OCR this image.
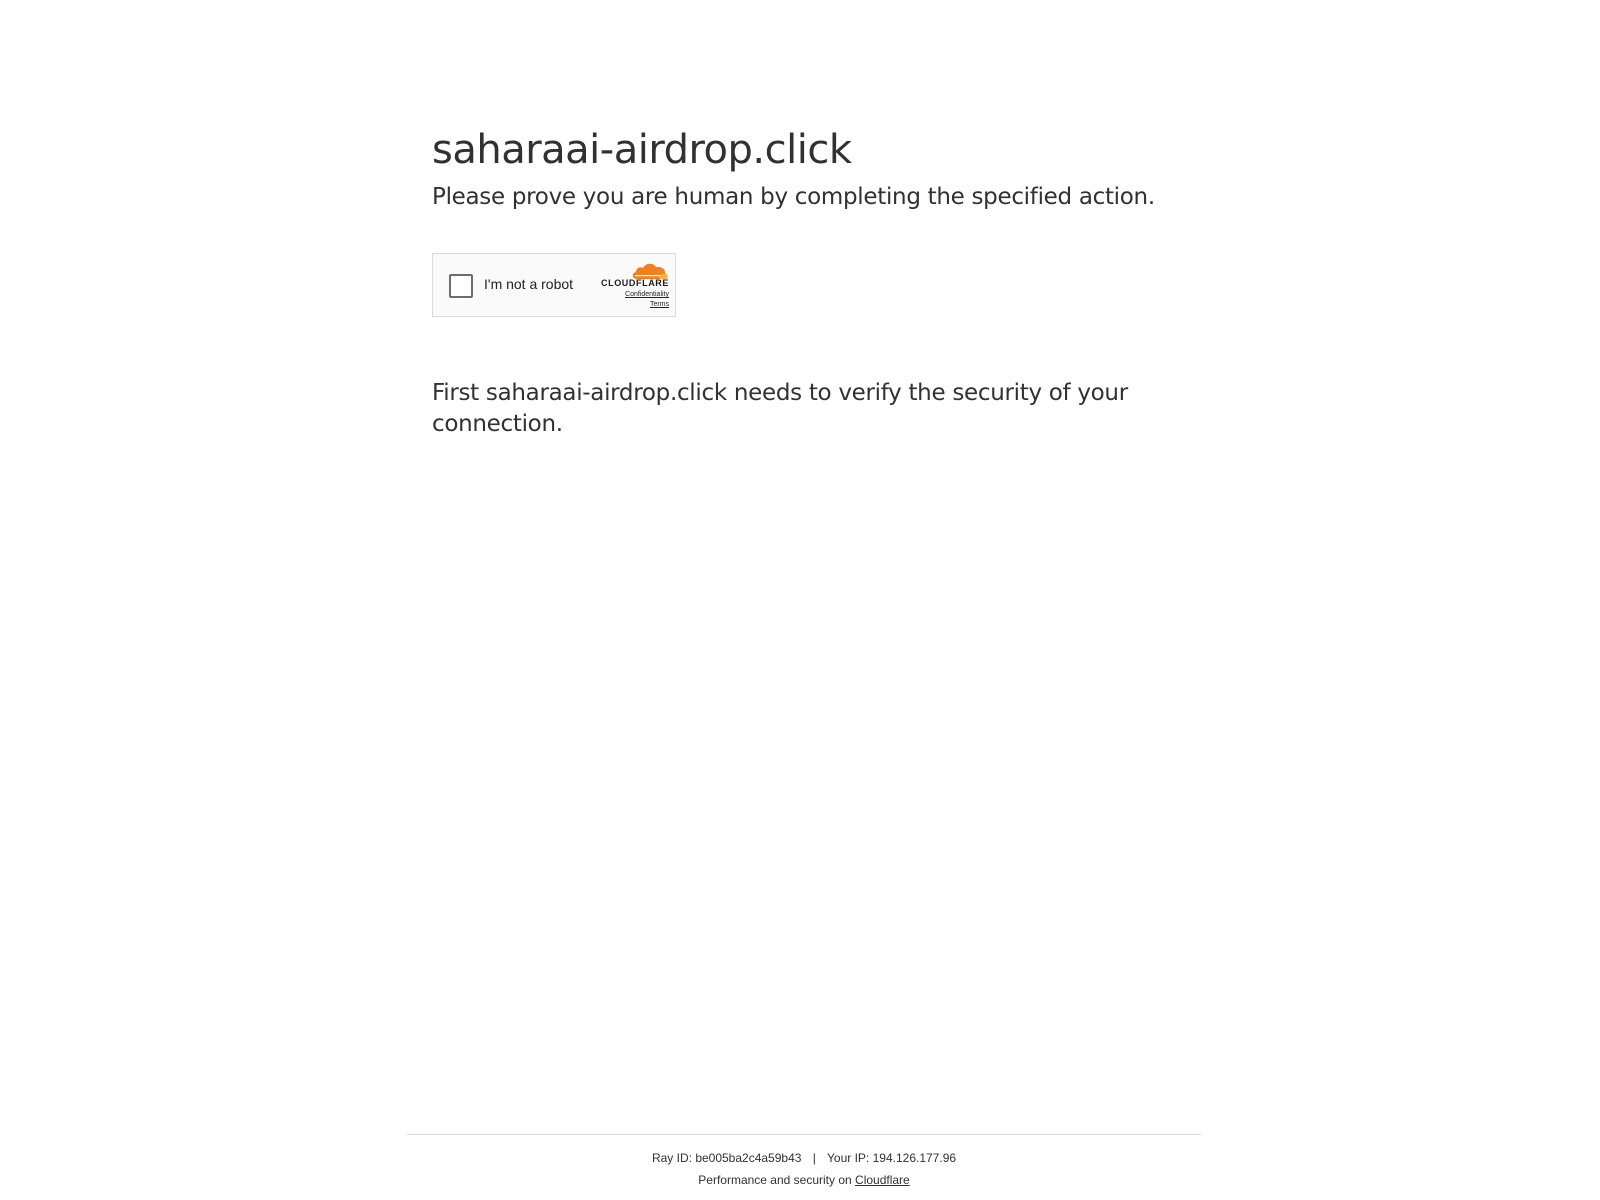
saharaai-airdrop.click

Please prove you are human by completing the specified action.

I'm not a robot	CLOUDFLARE
Confidentiality
Terms

First saharaai-airdrop.click needs to verify the security of your connection.

Ray ID: be005ba2c4a59b43 | Your IP: 194.126.177.96
Performance and security on Cloudflare
